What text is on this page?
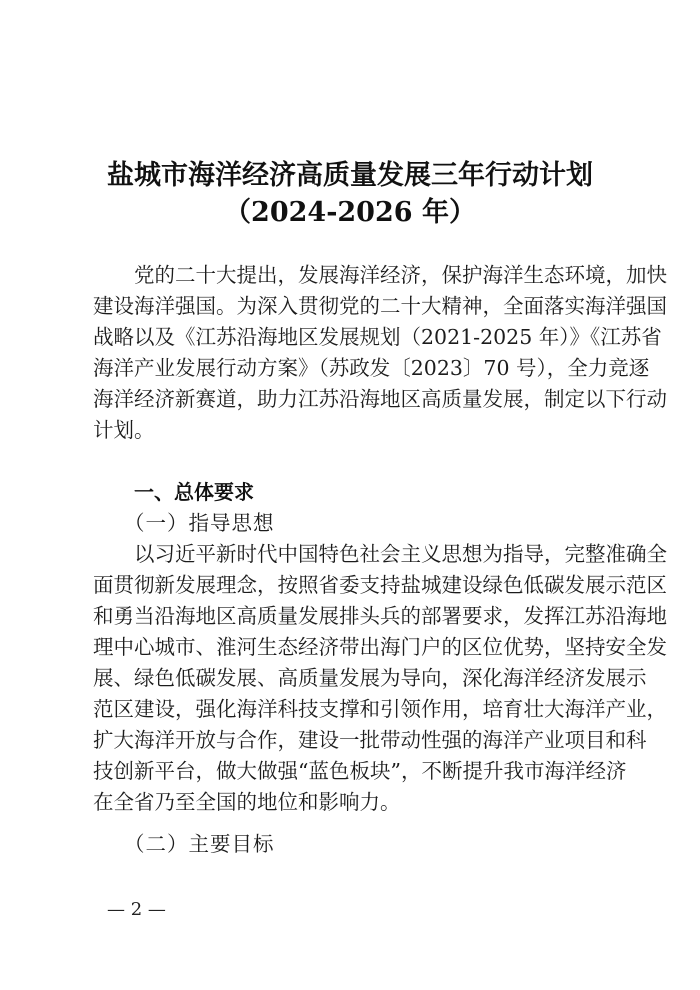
盐城市海洋经济高质量发展三年行动计划
（2024-2026 年）
党的二十大提出，发展海洋经济，保护海洋生态环境，加快
建设海洋强国。为深入贯彻党的二十大精神，全面落实海洋强国
战略以及《江苏沿海地区发展规划（2021-2025 年）》《江苏省
海洋产业发展行动方案》（苏政发〔2023〕70 号），全力竞逐
海洋经济新赛道，助力江苏沿海地区高质量发展，制定以下行动
计划。
一、总体要求
（一）指导思想
以习近平新时代中国特色社会主义思想为指导，完整准确全
面贯彻新发展理念，按照省委支持盐城建设绿色低碳发展示范区
和勇当沿海地区高质量发展排头兵的部署要求，发挥江苏沿海地
理中心城市、淮河生态经济带出海门户的区位优势，坚持安全发
展、绿色低碳发展、高质量发展为导向，深化海洋经济发展示
范区建设，强化海洋科技支撑和引领作用，培育壮大海洋产业，
扩大海洋开放与合作，建设一批带动性强的海洋产业项目和科
技创新平台，做大做强“蓝色板块”，不断提升我市海洋经济
在全省乃至全国的地位和影响力。
（二）主要目标
— 2 —
